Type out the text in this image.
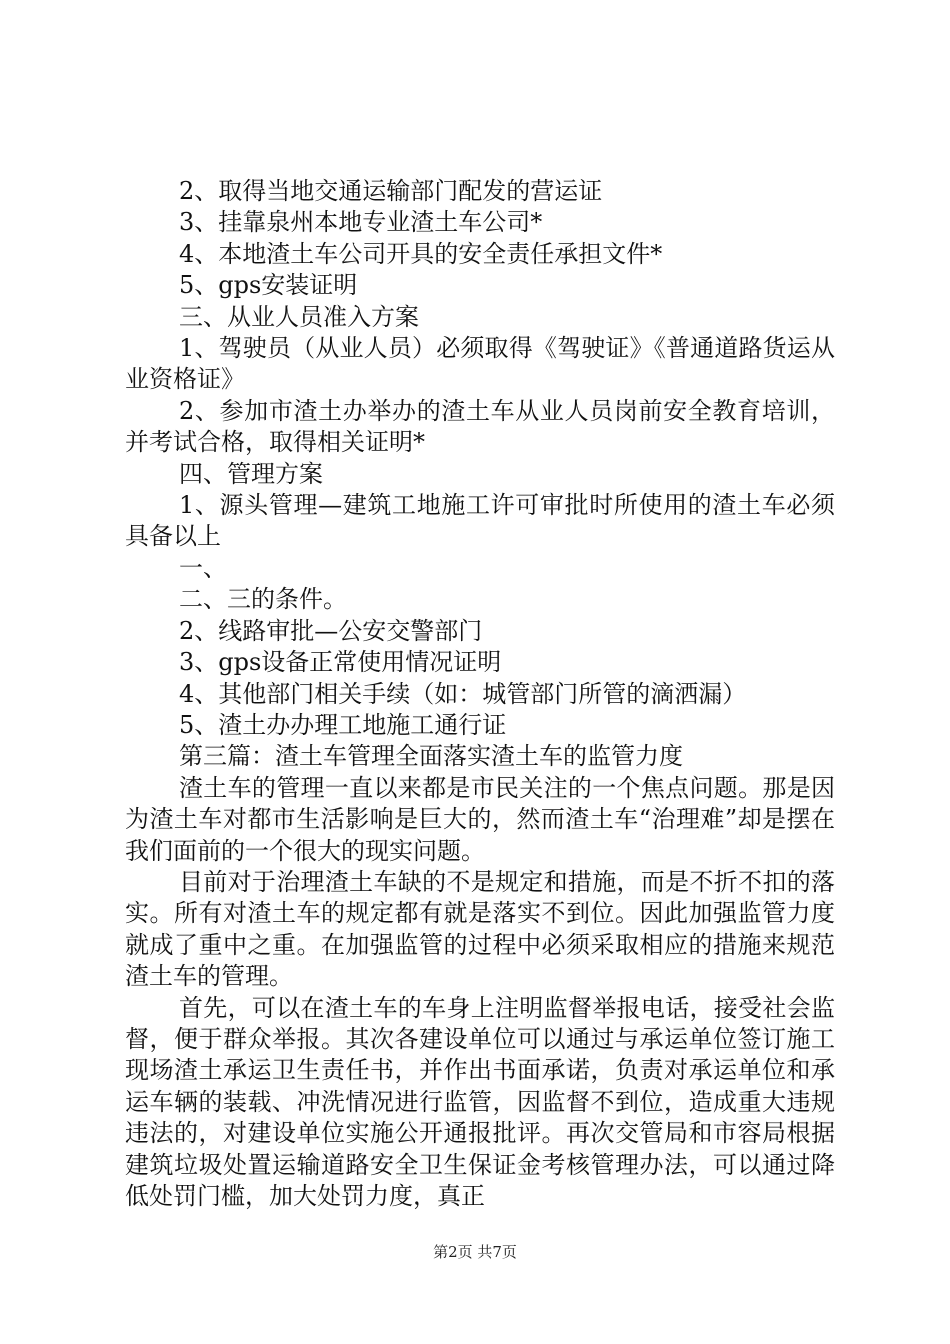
2、取得当地交通运输部门配发的营运证

3、挂靠泉州本地专业渣土车公司*

4、本地渣土车公司开具的安全责任承担文件*

5、gps安装证明

三、从业人员准入方案

1、驾驶员（从业人员）必须取得《驾驶证》《普通道路货运从业资格证》

2、参加市渣土办举办的渣土车从业人员岗前安全教育培训，并考试合格，取得相关证明*

四、管理方案

1、源头管理—建筑工地施工许可审批时所使用的渣土车必须具备以上

一、

二、三的条件。

2、线路审批—公安交警部门

3、gps设备正常使用情况证明

4、其他部门相关手续（如：城管部门所管的滴洒漏）

5、渣土办办理工地施工通行证

第三篇：渣土车管理全面落实渣土车的监管力度

渣土车的管理一直以来都是市民关注的一个焦点问题。那是因为渣土车对都市生活影响是巨大的，然而渣土车“治理难”却是摆在我们面前的一个很大的现实问题。

目前对于治理渣土车缺的不是规定和措施，而是不折不扣的落实。所有对渣土车的规定都有就是落实不到位。因此加强监管力度就成了重中之重。在加强监管的过程中必须采取相应的措施来规范渣土车的管理。

首先，可以在渣土车的车身上注明监督举报电话，接受社会监督，便于群众举报。其次各建设单位可以通过与承运单位签订施工现场渣土承运卫生责任书，并作出书面承诺，负责对承运单位和承运车辆的装载、冲洗情况进行监管，因监督不到位，造成重大违规违法的，对建设单位实施公开通报批评。再次交管局和市容局根据建筑垃圾处置运输道路安全卫生保证金考核管理办法，可以通过降低处罚门槛，加大处罚力度，真正

第2页 共7页
